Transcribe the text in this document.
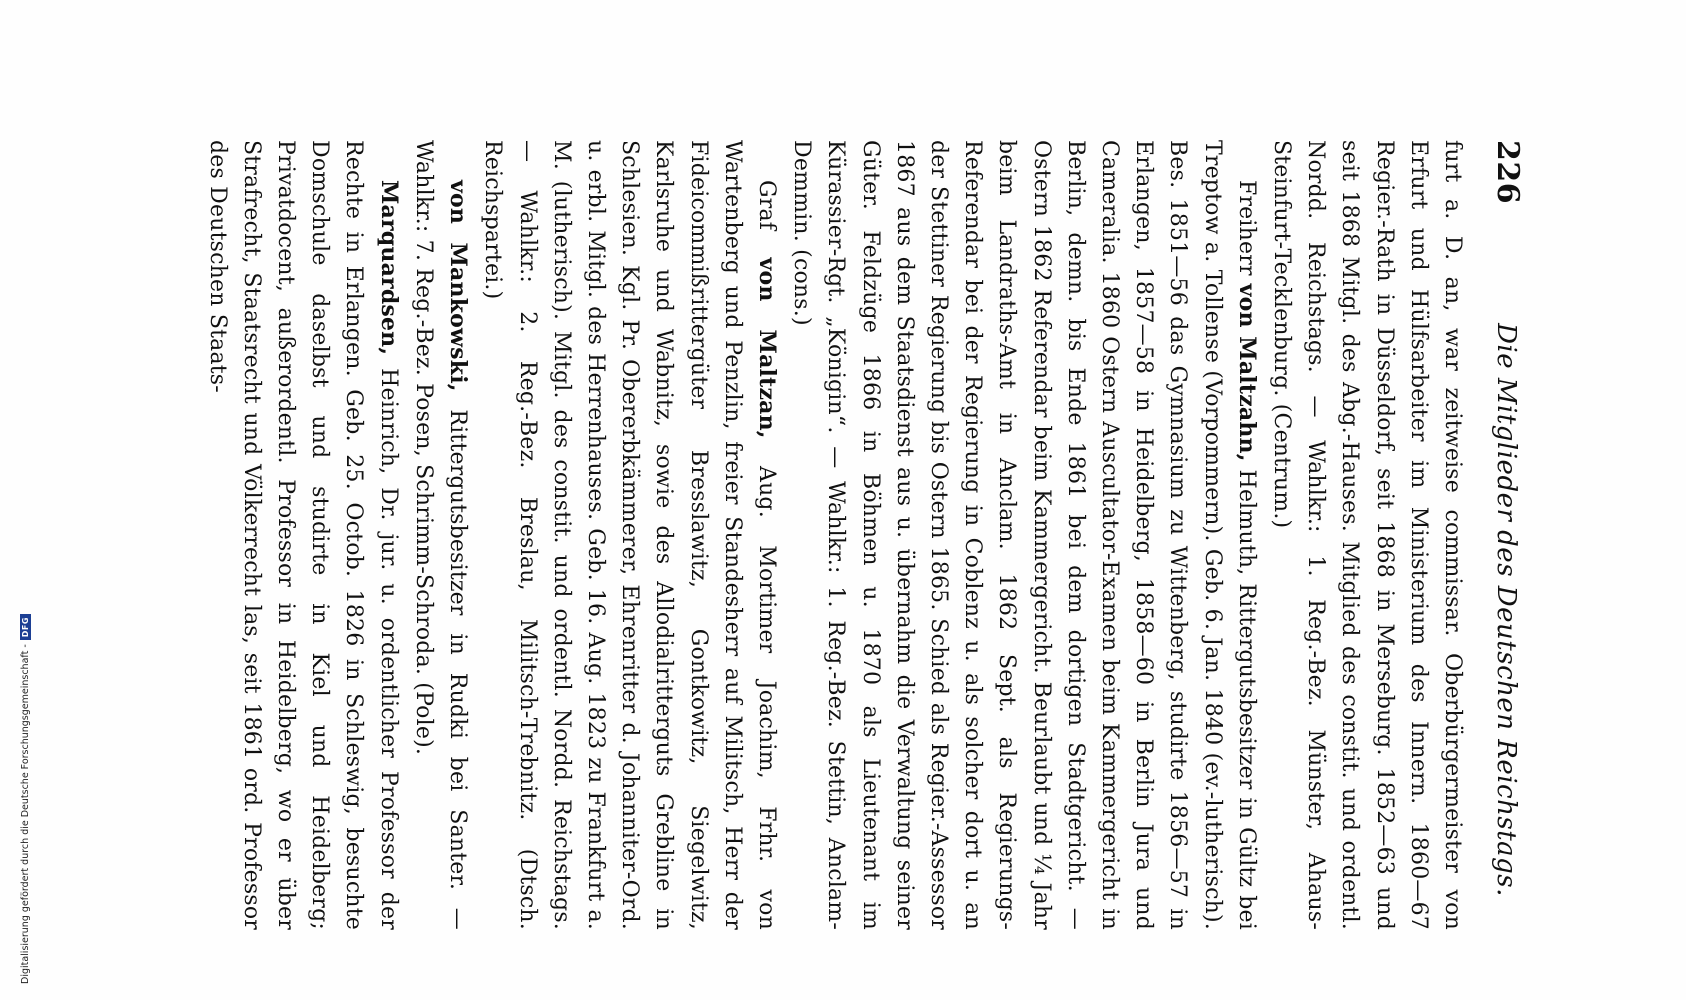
226
Die Mitglieder des Deutschen Reichstags.

furt a. D. an, war zeitweise commissar. Oberbürgermeister von Erfurt und Hülfsarbeiter im Ministerium des Innern. 1860—67 Regier.-Rath in Düsseldorf, seit 1868 in Merseburg. 1852—63 und seit 1868 Mitgl. des Abg.-Hauses. Mitglied des constit. und ordentl. Nordd. Reichstags. — Wahlkr.: 1. Reg.-Bez. Münster, Ahaus-Steinfurt-Tecklenburg. (Centrum.)

Freiherr von Maltzahn, Helmuth, Rittergutsbesitzer in Gültz bei Treptow a. Tollense (Vorpommern). Geb. 6. Jan. 1840 (ev.-lutherisch). Bes. 1851—56 das Gymnasium zu Wittenberg, studirte 1856—57 in Erlangen, 1857—58 in Heidelberg, 1858—60 in Berlin Jura und Cameralia. 1860 Ostern Auscultator-Examen beim Kammergericht in Berlin, demn. bis Ende 1861 bei dem dortigen Stadtgericht. — Ostern 1862 Referendar beim Kammergericht. Beurlaubt und ¼ Jahr beim Landraths-Amt in Anclam. 1862 Sept. als Regierungs-Referendar bei der Regierung in Coblenz u. als solcher dort u. an der Stettiner Regierung bis Ostern 1865. Schied als Regier.-Assessor 1867 aus dem Staatsdienst aus u. übernahm die Verwaltung seiner Güter. Feldzüge 1866 in Böhmen u. 1870 als Lieutenant im Kürassier-Rgt. „Königin“. — Wahlkr.: 1. Reg.-Bez. Stettin, Anclam-Demmin. (cons.)

Graf von Maltzan, Aug. Mortimer Joachim, Frhr. von Wartenberg und Penzlin, freier Standesherr auf Militsch, Herr der Fideicommißrittergüter Bresslawitz, Gontkowitz, Siegelwitz, Karlsruhe und Wabnitz, sowie des Allodialritterguts Grebline in Schlesien. Kgl. Pr. Obererbkämmerer, Ehrenritter d. Johanniter-Ord. u. erbl. Mitgl. des Herrenhauses. Geb. 16. Aug. 1823 zu Frankfurt a. M. (lutherisch). Mitgl. des constit. und ordentl. Nordd. Reichstags. — Wahlkr.: 2. Reg.-Bez. Breslau, Militsch-Trebnitz. (Dtsch. Reichspartei.)

von Mankowski, Rittergutsbesitzer in Rudki bei Santer. — Wahlkr.: 7. Reg.-Bez. Posen, Schrimm-Schroda. (Pole).

Marquardsen, Heinrich, Dr. jur. u. ordentlicher Professor der Rechte in Erlangen. Geb. 25. Octob. 1826 in Schleswig, besuchte Domschule daselbst und studirte in Kiel und Heidelberg; Privatdocent, außerordentl. Professor in Heidelberg, wo er über Strafrecht, Staatsrecht und Völkerrecht las, seit 1861 ord. Professor des Deutschen Staats-

Digitalisierung gefördert durch die Deutsche Forschungsgemeinschaft -
DFG
